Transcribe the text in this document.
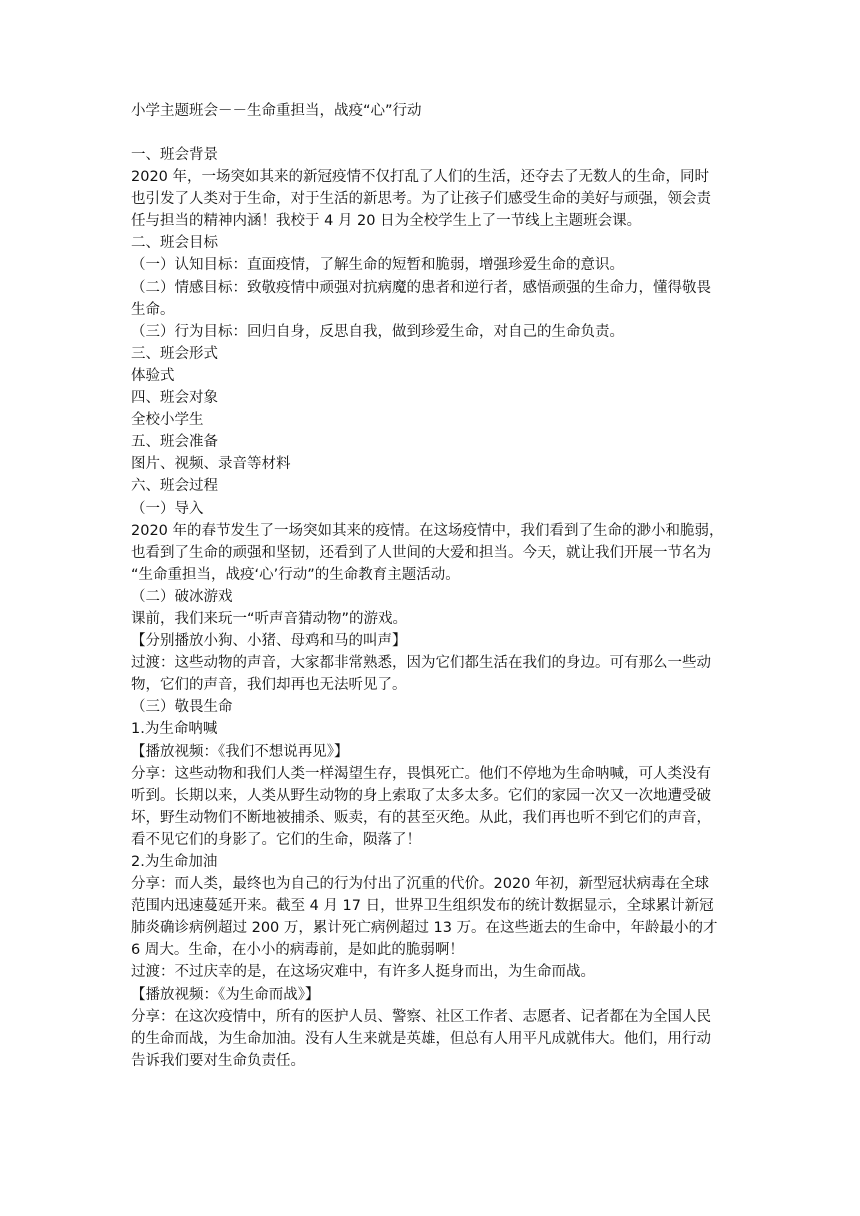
小学主题班会－－生命重担当，战疫“心”行动

一、班会背景

2020 年，一场突如其来的新冠疫情不仅打乱了人们的生活，还夺去了无数人的生命，同时

也引发了人类对于生命，对于生活的新思考。为了让孩子们感受生命的美好与顽强，领会责

任与担当的精神内涵！我校于 4 月 20 日为全校学生上了一节线上主题班会课。

二、班会目标

（一）认知目标：直面疫情，了解生命的短暂和脆弱，增强珍爱生命的意识。

（二）情感目标：致敬疫情中顽强对抗病魔的患者和逆行者，感悟顽强的生命力，懂得敬畏

生命。

（三）行为目标：回归自身，反思自我，做到珍爱生命，对自己的生命负责。

三、班会形式

体验式

四、班会对象

全校小学生

五、班会准备

图片、视频、录音等材料

六、班会过程

（一）导入

2020 年的春节发生了一场突如其来的疫情。在这场疫情中，我们看到了生命的渺小和脆弱，

也看到了生命的顽强和坚韧，还看到了人世间的大爱和担当。今天，就让我们开展一节名为

“生命重担当，战疫‘心’行动”的生命教育主题活动。

（二）破冰游戏

课前，我们来玩一“听声音猜动物”的游戏。

【分别播放小狗、小猪、母鸡和马的叫声】

过渡：这些动物的声音，大家都非常熟悉，因为它们都生活在我们的身边。可有那么一些动

物，它们的声音，我们却再也无法听见了。

（三）敬畏生命

1.为生命呐喊

【播放视频：《我们不想说再见》】

分享：这些动物和我们人类一样渴望生存，畏惧死亡。他们不停地为生命呐喊，可人类没有

听到。长期以来，人类从野生动物的身上索取了太多太多。它们的家园一次又一次地遭受破

坏，野生动物们不断地被捕杀、贩卖，有的甚至灭绝。从此，我们再也听不到它们的声音，

看不见它们的身影了。它们的生命，陨落了！

2.为生命加油

分享：而人类，最终也为自己的行为付出了沉重的代价。2020 年初，新型冠状病毒在全球

范围内迅速蔓延开来。截至 4 月 17 日，世界卫生组织发布的统计数据显示，全球累计新冠

肺炎确诊病例超过 200 万，累计死亡病例超过 13 万。在这些逝去的生命中，年龄最小的才

6 周大。生命，在小小的病毒前，是如此的脆弱啊！

过渡：不过庆幸的是，在这场灾难中，有许多人挺身而出，为生命而战。

【播放视频：《为生命而战》】

分享：在这次疫情中，所有的医护人员、警察、社区工作者、志愿者、记者都在为全国人民

的生命而战，为生命加油。没有人生来就是英雄，但总有人用平凡成就伟大。他们，用行动

告诉我们要对生命负责任。
